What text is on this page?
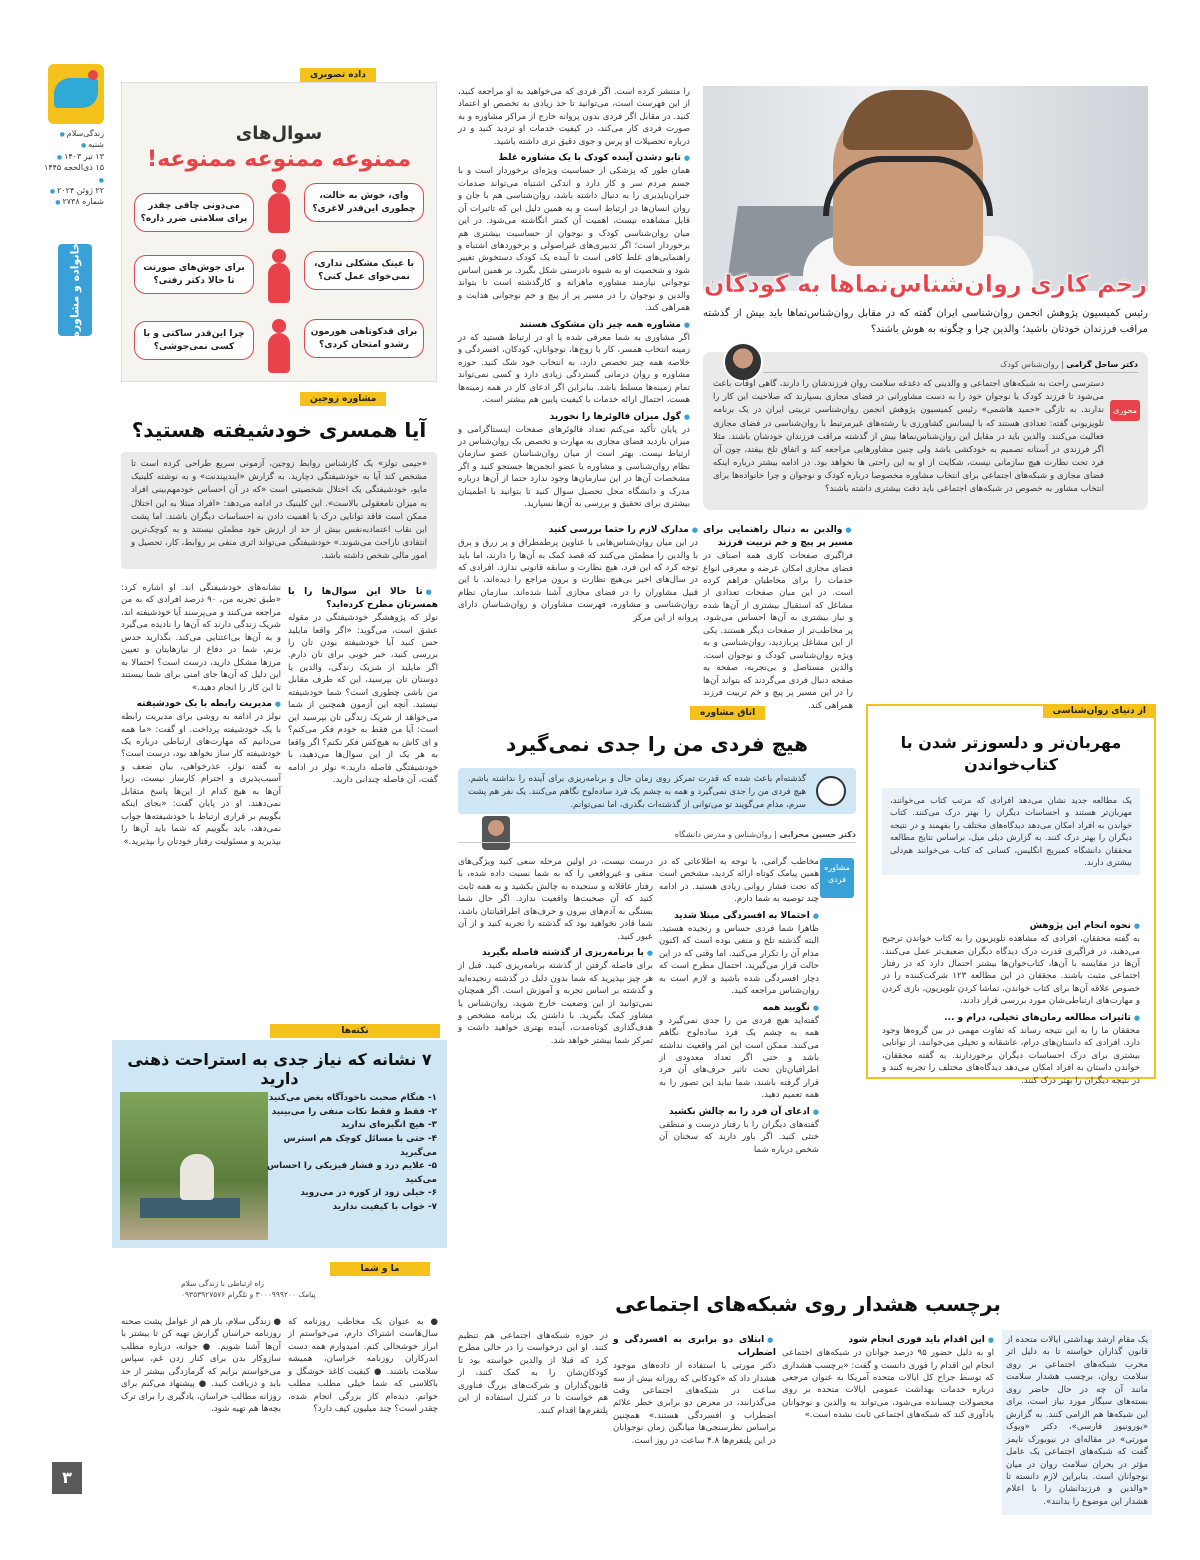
زندگی‌سلام ●
شنبه ●
۱۳ تیر ۱۴۰۳ ●
۱۵ ذی‌الحجه ۱۴۴۵ ●
۲۲ ژوئن ۲۰۲۴ ●
شماره ۲۷۳۸ ●
خانواده و مشاوره
۳
زخم کاری روان‌شناس‌نماها به کودکان
رئیس کمیسیون پژوهش انجمن روان‌شناسی ایران گفته که در مقابل روان‌شناس‌نماها باید بیش از گذشته مراقب فرزندان خودتان باشید؛ والدین چرا و چگونه به هوش باشند؟
دکتر ساحل گرامی | روان‌شناس کودک
محوری
دسترسی راحت به شبکه‌های اجتماعی و والدینی که دغدغه سلامت روان فرزندشان را دارند، گاهی اوقات باعث می‌شود تا فرزند کودک یا نوجوان خود را به دست مشاورانی در فضای مجازی بسپارند که صلاحیت این کار را ندارند. به تازگی «حمید هاشمی» رئیس کمیسیون پژوهش انجمن روان‌شناسی تربیتی ایران در یک برنامه تلویزیونی گفته: تعدادی هستند که با لیسانس کشاورزی یا رشته‌های غیرمرتبط با روان‌شناسی در فضای مجازی فعالیت می‌کنند. والدین باید در مقابل این روان‌شناس‌نماها بیش از گذشته مراقب فرزندان خودشان باشند. مثلا اگر فرزندی در آستانه تصمیم به خودکشی باشد ولی چنین مشاورهایی مراجعه کند و اتفاق تلخ بیفتد، چون آن فرد تحت نظارت هیچ سازمانی نیست، شکایت از او به این راحتی ها نخواهد بود. در ادامه بیشتر درباره اینکه فضای مجازی و شبکه‌های اجتماعی برای انتخاب مشاوره مخصوصا درباره کودک و نوجوان و چرا خانواده‌ها برای انتخاب مشاور به خصوص در شبکه‌های اجتماعی باید دقت بیشتری داشته باشند؟

را منتشر کرده است. اگر فردی که می‌خواهید به او مراجعه کنید، از این فهرست است، می‌توانید تا حد زیادی به تخصص او اعتماد کنید. در مقابل اگر فردی بدون پروانه خارج از مراکز مشاوره و به صورت فردی کار می‌کند، در کیفیت خدمات او تردید کنید و در درباره تحصیلات او پرس و جوی دقیق تری داشته باشید.

● تابو دشدن آینده کودک با یک مشاوره غلط

همان طور که پزشکی از حساسیت ویژه‌ای برخوردار است و با جسم مردم سر و کار دارد و اندکی اشتباه می‌تواند صدمات جبران‌ناپذیری را به دنبال داشته باشد، روان‌شناسی هم با جان و روان انسان‌ها در ارتباط است و به همین دلیل این که تاثیرات آن قابل مشاهده نیست، اهمیت آن کمتر انگاشته می‌شود. در این میان روان‌شناسی کودک و نوجوان از حساسیت بیشتری هم برخوردار است؛ اگر تدبیری‌های غیراصولی و برخوردهای اشتباه و راهنمایی‌های غلط کافی است تا آینده یک کودک دستخوش تغییر شود و شخصیت او به شیوه نادرستی شکل بگیرد. بر همین اساس نوجوانی نیازمند مشاوره ماهرانه و کارگذشته است تا بتواند والدین و نوجوان را در مسیر پر از پیچ و خم نوجوانی هدایت و همراهی کند.

● مشاوره همه چیز دان مشکوک هستند

اگر مشاوری به شما معرفی شده یا او در ارتباط هستید که در زمینه انتخاب همسر، کار با زوج‌ها، نوجوانان، کودکان، افسردگی و خلاصه همه چیز تخصص دارد، به انتخاب خود شک کنید. حوزه مشاوره و روان درمانی گستردگی زیادی دارد و کسی نمی‌تواند تمام زمینه‌ها مسلط باشد. بنابراین اگر ادعای کار در همه زمینه‌ها هست، احتمال ارائه خدمات با کیفیت پایین هم بیشتر است.

● گول میزان فالوئرها را نخورید

در پایان تأکید می‌کنم تعداد فالوئرهای صفحات اینستاگرامی و میزان بازدید فضای مجازی به مهارت و تخصص یک روان‌شناس در ارتباط نیست. بهتر است از میان روان‌شناسان عضو سازمان نظام روان‌شناسی و مشاوره یا عضو انجمن‌ها جستجو کنید و اگر مشخصات آن‌ها در این سازمان‌ها وجود ندارد حتما از آن‌ها درباره مدرک و دانشگاه محل تحصیل سوال کنید تا بتوانید با اطمینان بیشتری برای تحقیق و بررسی به آن‌ها نسپارید.

● والدین به دنبال راهنمایی برای مسیر پر پیچ و خم تربیت فرزند

فراگیری صفحات کاری همه اصناف در فضای مجازی امکان عرضه و معرفی انواع خدمات را برای مخاطبان فراهم کرده است. در این میان صفحات تعدادی از مشاغل که استقبال بیشتری از آن‌ها شده و نیاز بیشتری به آن‌ها احساس می‌شود، پر مخاطب‌تر از صفحات دیگر هستند. یکی از این مشاغل پربازدید، روان‌شناسی و به ویژه روان‌شناسی کودک و نوجوان است. والدین مستاصل و بی‌تجربه، صفحه به صفحه دنبال فردی می‌گردند که بتواند آن‌ها را در این مسیر پر پیچ و خم تربیت فرزند همراهی کند.

● مدارک لازم را حتما بررسی کنید

در این میان روان‌شناس‌هایی با عناوین پرطمطراق و پر زرق و برق با والدین را مطمئن می‌کنند که قصد کمک به آن‌ها را دارند، اما باید توجه کرد که این فرد، هیچ نظارت و سابقه قانونی ندارد. افرادی که در سال‌های اخیر بی‌هیچ نظارت و برون مراجع را دیده‌اند، با این قبیل مشاوران را در فضای مجازی آشنا شده‌اند. سازمان نظام روان‌شناسی و مشاوره، فهرست مشاوران و روان‌شناسان دارای پروانه از این مرکز

داده تصویری
سوال‌های
ممنوعه ممنوعه ممنوعه!
وای، خوش به حالت، چطوری این‌قدر لاغری؟
می‌دونی چاقی چقدر برای سلامتی ضرر داره؟
با عینک مشکلی نداری، نمی‌خوای عمل کنی؟
برای جوش‌های صورتت تا حالا دکتر رفتی؟
برای قدکوتاهی هورمون رشدو امتحان کردی؟
چرا این‌قدر ساکتی و با کسی نمی‌جوشی؟
مشاوره زوجین
آیا همسری خودشیفته هستید؟
«جیمی نولز» یک کارشناس روابط زوجین، آزمونی سریع طراحی کرده است تا مشخص کند آیا به خودشیفتگی دچارید. به گزارش «ایندیپندنت» و به نوشته کلینیک مایو، خودشیفتگی یک اختلال شخصیتی است «که در آن احساس خودمهم‌بینی افراد به میزان نامعقولی بالاست». این کلینیک در ادامه می‌دهد: «افراد مبتلا به این اختلال ممکن است فاقد توانایی درک یا اهمیت دادن به احساسات دیگران باشند. اما پشت این نقاب اعتمادبه‌نفس بیش از حد از ارزش خود مطمئن نیستند و به کوچک‌ترین انتقادی ناراحت می‌شوند.» خودشیفتگی می‌تواند اثری منفی بر روابط، کار، تحصیل و امور مالی شخص داشته باشد.
● تا حالا این سوال‌ها را با همسرتان مطرح کرده‌اید؟

نولز که پژوهشگر خودشیفتگی در مقوله عشق است، می‌گوید: «اگر واقعا مایلید حس کنید آیا خودشیفته بودن تان را بررسی کنید، خبر خوبی برای تان دارم. اگر مایلید از شریک زندگی، والدین یا دوستان تان بپرسید، این که طرف مقابل من باشی چطوری است؟ شما خودشیفته نیستید. آنچه این آزمون همچنین از شما می‌خواهد از شریک زندگی تان بپرسید این است: آیا من فقط به خودم فکر می‌کنم؟ و ای کاش به هیچ‌کس فکر نکنم؟ اگر واقعا به هر یک از این سوال‌ها می‌دهید، با خودشیفتگی فاصله دارید.» نولز در ادامه گفت، آن فاصله چندانی دارید.

نشانه‌های خودشیفتگی اند. او اشاره کرد: «طبق تجربه من، ۹۰ درصد افرادی که به من مراجعه می‌کنند و می‌پرسند آیا خودشیفته اند، شریک زندگی دارند که آن‌ها را نادیده می‌گیرد و به آن‌ها بی‌اعتنایی می‌کند. بگذارید حدس بزنم، شما در دفاع از نیازهایتان و تعیین مرزها مشکل دارید، درست است؟ احتمالا به این دلیل که آن‌ها جای امنی برای شما نیستند تا این کار را انجام دهید.»

● مدیریت رابطه با یک خودشیفته

نولز در ادامه به روشی برای مدیریت رابطه با یک خودشیفته پرداخت. او گفت: «ما همه می‌دانیم که مهارت‌های ارتباطی درباره یک خودشیفته کار ساز نخواهد بود، درست است؟ به گفته نولز، عذرخواهی، بیان ضعف و آسیب‌پذیری و احترام کارساز نیست، زیرا آن‌ها به هیچ کدام از این‌ها پاسخ متقابل نمی‌دهند. او در پایان گفت: «بجای اینکه بگوییم بر قراری ارتباط با خودشیفته‌ها جواب نمی‌دهد، باید بگوییم که شما باید آن‌ها را بپذیرید و مسئولیت رفتار خودتان را بپذیرید.»

نکته‌ها
۷ نشانه که نیاز جدی به استراحت ذهنی دارید
۱- هنگام صحبت ناخودآگاه بغض می‌کنید
۲- فقط و فقط نکات منفی را می‌بینید
۳- هیچ انگیزه‌ای ندارید
۴- حتی با مسائل کوچک هم استرس می‌گیرید
۵- علایم درد و فشار فیزیکی را احساس می‌کنید
۶- خیلی زود از کوره در می‌روید
۷- خواب با کیفیت ندارید
ما و شما
راه ارتباطی با زندگی سلام
پیامک ۳۰۰۰۹۹۹۲۰۰ و تلگرام ۰۹۳۵۳۹۲۷۵۷۶
● به عنوان یک مخاطب روزنامه که سال‌هاست اشتراک دارم، می‌خواستم از ابراز خوشحالی کنم. امیدوارم همه دست اندرکاران روزنامه خراسان، همیشه سلامت باشند. ● کیفیت کاغذ خوشگل و باکلاسی که شما خیلی مطلب مطلب خوانم. دیده‌ام کار بزرگی انجام شده، چقدر است؟ چند میلیون کیف دارد؟
● زندگی سلام، باز هم از عوامل پشت صحنه روزنامه خراسان گزارش تهیه کن تا بیشتر با آن‌ها آشنا شویم. ● جوانه، درباره مطلب سازوکار بدن برای کنار زدن غم، سپاس می‌خواستم برایم که گرمازدگی بیشتر از حد باید و دریافت کنید. ● پیشنهاد می‌کنم برای روزانه مطالب خراسان، یادگیری را برای ترک بچه‌ها هم تهیه شود.
اتاق مشاوره
هیچ فردی من را جدی نمی‌گیرد
گذشته‌ام باعث شده که قدرت تمرکز روی زمان حال و برنامه‌ریزی برای آینده را نداشته باشم. هیچ فردی من را جدی نمی‌گیرد و همه به چشم یک فرد ساده‌لوح نگاهم می‌کنند. یک نفر هم پشت سرم، مدام می‌گویند تو می‌توانی از گذشته‌ات بگذری، اما نمی‌توانم.
دکتر حسین محرابی | روان‌شناس و مدرس دانشگاه
مشاوره فردی

مخاطب گرامی، با توجه به اطلاعاتی که در همین پیامک کوتاه ارائه کردید، مشخص است که تحت فشار روانی زیادی هستید. در ادامه چند توصیه به شما دارم.

● احتمالا به افسردگی مبتلا شدید

ظاهرا شما فردی حساس و رنجیده هستید. البته گذشته تلخ و منفی بوده است که اکنون مدام آن را تکرار می‌کنید. اما وقتی که در این حالت قرار می‌گیرید، احتمال مطرح است که دچار افسردگی شده باشید و لازم است به روان‌شناس مراجعه کنید.

● نگویید همه

گفته‌اید هیچ فردی من را جدی نمی‌گیرد و همه به چشم یک فرد ساده‌لوح نگاهم می‌کنند. ممکن است این امر واقعیت نداشته باشد و حتی اگر تعداد معدودی از اطرافیان‌تان تحت تاثیر حرف‌های آن فرد قرار گرفته باشند، شما نباید این تصور را به همه تعمیم دهید.

● ادعای آن فرد را به چالش بکشید

گفته‌های دیگران را با رفتار درست و منطقی خنثی کنید. اگر باور دارید که سخنان آن شخص درباره شما

درست نیست، در اولین مرحله سعی کنید ویژگی‌های منفی و غیرواقعی را که به شما نسبت داده شده، با رفتار عاقلانه و سنجیده به چالش بکشید و به همه ثابت کنید که آن صحبت‌ها واقعیت ندارد. اگر حال شما بستگی به آدم‌های بیرون و حرف‌های اطرافیانتان باشد، شما قادر نخواهید بود که گذشته را تجربه کنید و از آن عبور کنید.

● با برنامه‌ریزی از گذشته فاصله بگیرید

برای فاصله گرفتن از گذشته برنامه‌ریزی کنید. قبل از هر چیز بپذیرید که شما بدون دلیل در گذشته رنجیده‌اید و گذشته بر اساس تجربه و آموزش است. اگر همچنان نمی‌توانید از این وضعیت خارج شوید، روان‌شناس یا مشاور کمک بگیرید. با داشتن یک برنامه مشخص و هدف‌گذاری کوتاه‌مدت، آینده بهتری خواهید داشت و تمرکز شما بیشتر خواهد شد.

از دنیای روان‌شناسی
مهربان‌تر و دلسوزتر شدن با کتاب‌خواندن
یک مطالعه جدید نشان می‌دهد افرادی که مرتب کتاب می‌خوانند، مهربان‌تر هستند و احساسات دیگران را بهتر درک می‌کنند. کتاب خواندن به افراد امکان می‌دهد دیدگاه‌های مختلف را بفهمند و در نتیجه دیگران را بهتر درک کنند. به گزارش دیلی میل، براساس نتایج مطالعه محققان دانشگاه کمبریج انگلیس، کسانی که کتاب می‌خوانند هم‌دلی بیشتری دارند.
● نحوه انجام این پژوهش

به گفته محققان، افرادی که مشاهده تلویزیون را به کتاب خواندن ترجیح می‌دهند، در فراگیری قدرت درک دیدگاه دیگران ضعیف‌تر عمل می‌کنند. آن‌ها در مقایسه با آن‌ها، کتاب‌خوان‌ها بیشتر احتمال دارد که در رفتار اجتماعی مثبت باشند. محققان در این مطالعه ۱۲۳ شرکت‌کننده را در خصوص علاقه آن‌ها برای کتاب خواندن، تماشا کردن تلویزیون، بازی کردن و مهارت‌های ارتباطی‌شان مورد بررسی قرار دادند.

● تاثیرات مطالعه رمان‌های تخیلی، درام و ...

محققان ما را به این نتیجه رساند که تفاوت مهمی در بین گروه‌ها وجود دارد. افرادی که داستان‌های درام، عاشقانه و تخیلی می‌خوانند، از توانایی بیشتری برای درک احساسات دیگران برخوردارند. به گفته محققان، خواندن داستان به افراد امکان می‌دهد دیدگاه‌های مختلف را تجربه کنند و در نتیجه دیگران را بهتر درک کنند.

برچسب هشدار روی شبکه‌های اجتماعی

یک مقام ارشد بهداشتی ایالات متحده از قانون گذاران خواسته تا به دلیل اثر مخرب شبکه‌های اجتماعی بر روی سلامت روان، برچسب هشدار سلامت مانند آن چه در حال حاضر روی بسته‌های سیگار مورد نیاز است، برای این شبکه‌ها هم الزامی کنند. به گزارش «یورونیوز فارسی»، دکتر «ویوک مورتی» در مقاله‌ای در نیویورک تایمز گفت که شبکه‌های اجتماعی یک عامل مؤثر در بحران سلامت روان در میان نوجوانان است. بنابراین لازم دانسته تا «والدین و فرزندانشان را با اعلام هشدار این موضوع را بدانند».

● این اقدام باید فوری انجام شود

او به دلیل حضور ۹۵ درصد جوانان در شبکه‌های اجتماعی انجام این اقدام را فوری دانست و گفت: «برچسب هشداری که توسط جراح کل ایالات متحده آمریکا به عنوان مرجعی درباره خدمات بهداشت عمومی ایالات متحده بر روی محصولات چسبانده می‌شود، می‌تواند به والدین و نوجوانان یادآوری کند که شبکه‌های اجتماعی ثابت نشده است.»

● ابتلای دو برابری به افسردگی و اضطراب

دکتر مورتی با استفاده از داده‌های موجود هشدار داد که «کودکانی که روزانه بیش از سه ساعت در شبکه‌های اجتماعی وقت می‌گذرانند، در معرض دو برابری خطر علائم اضطراب و افسردگی هستند.» همچنین براساس نظرسنجی‌ها میانگین زمان نوجوانان در این پلتفرم‌ها ۴.۸ ساعت در روز است.

در حوزه شبکه‌های اجتماعی هم تنظیم کنند. او این درخواست را در حالی مطرح کرد که قبلا از والدین خواسته بود تا کودکان‌شان را به کمک کنند، از قانون‌گذاران و شرکت‌های بزرگ فناوری هم خواست تا در کنترل استفاده از این پلتفرم‌ها اقدام کنند.
